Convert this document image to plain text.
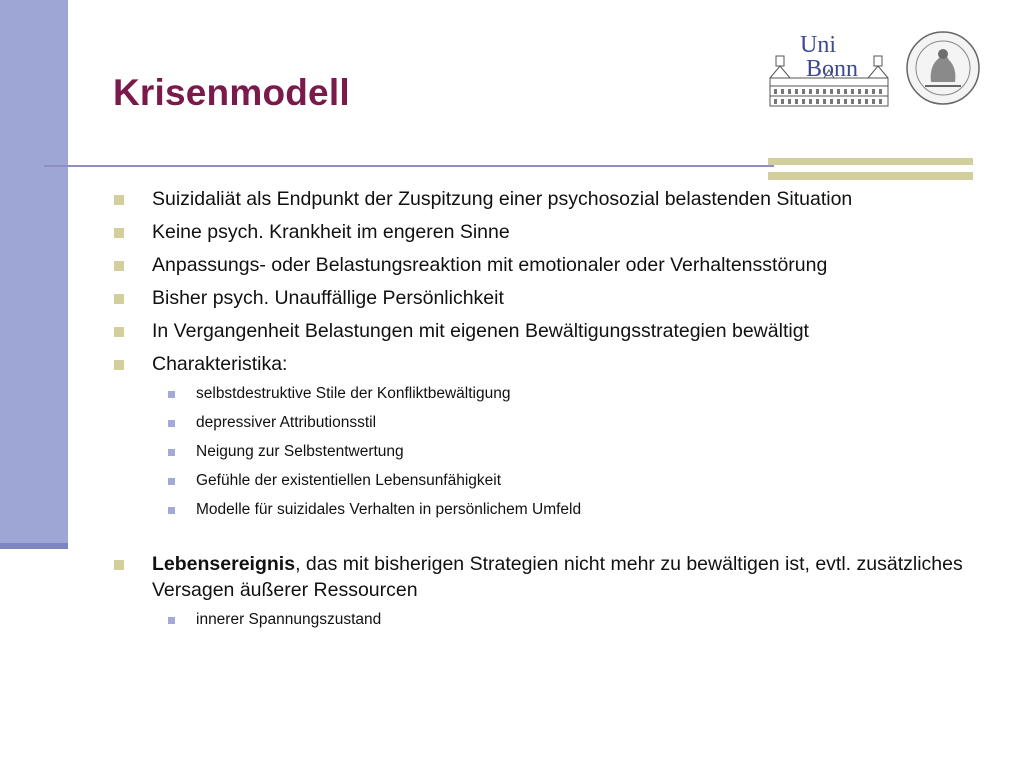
Krisenmodell
Uni
Bonn
Suizidaliät als Endpunkt der Zuspitzung einer psychosozial belastenden Situation
Keine psych. Krankheit im engeren Sinne
Anpassungs- oder Belastungsreaktion mit emotionaler oder Verhaltensstörung
Bisher psych. Unauffällige Persönlichkeit
In Vergangenheit Belastungen mit eigenen Bewältigungsstrategien bewältigt
Charakteristika:
selbstdestruktive Stile der Konfliktbewältigung
depressiver Attributionsstil
Neigung zur Selbstentwertung
Gefühle der existentiellen Lebensunfähigkeit
Modelle für suizidales Verhalten in persönlichem Umfeld
Lebensereignis, das mit bisherigen Strategien nicht mehr zu bewältigen ist, evtl. zusätzliches Versagen äußerer Ressourcen
innerer Spannungszustand
